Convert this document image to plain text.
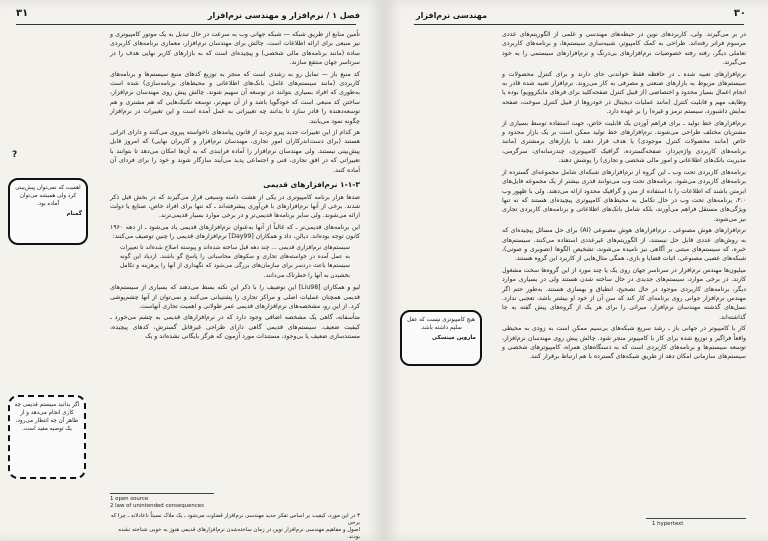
فصل ۱ / نرم‌افزار و مهندسی نرم‌افزار
۳۱

تأمین منابع از طریق شبکه — شبکه جهانی وب به سرعت در حال تبدیل به یک موتور کامپیوتری و نیز منبعی برای ارائه اطلاعات است. چالش برای مهندسان نرم‌افزار، معماری برنامه‌های کاربردی ساده (مانند برنامه‌های مالی شخصی) و پیچیده‌ای است که به بازارهای کاربر نهایی هدف را در سرتاسر جهان منتفع سازند.

کد منبع باز — تمایل رو به رشدی است که منجر به توزیع کدهای منبع سیستم‌ها و برنامه‌های کاربردی (مانند سیستم‌های عامل، بانک‌های اطلاعاتی و محیط‌های برنامه‌سازی) شده است به‌طوری که افراد بسیاری بتوانند در توسعه آن سهیم شوند. چالش پیش روی مهندسان نرم‌افزار، ساختن کد منبعی است که خودگویا باشد و از آن مهم‌تر، توسعه تکنیک‌هایی که هم مشتری و هم توسعه‌دهنده را قادر سازد تا بدانند چه تغییراتی به عمل آمده است و این تغییرات در نرم‌افزار چگونه نمود می‌یابند.

هر کدام از این تغییرات جدید پیرو تردید از قانون پیامدهای ناخواسته پیروی می‌کنند و دارای اثراتی هستند (برای دست‌اندرکاران امور تجاری، مهندسان نرم‌افزار و کاربران نهایی) که امروز قابل پیش‌بینی نیستند. ولی مهندسان نرم‌افزار را آماده فرایندی که به آن‌ها امکان می‌دهد تا بتوانند با تغییراتی که در افق تجاری، فنی و اجتماعی پدید می‌آیند سازگار شوند و خود را برای فردای آن آماده کنند.

۱-۱-۳ نرم‌افزارهای قدیمی

صدها هزار برنامه کامپیوتری در یکی از هشت دامنه وسیعی قرار می‌گیرند که در بخش قبل ذکر شدند. برخی از آنها نرم‌افزارهای با فن‌آوری پیشرفته‌اند ـ که تنها برای افراد خاص، صنایع یا دولت ارائه می‌شوند. ولی سایر برنامه‌ها قدیمی‌تر و در برخی موارد بسیار قدیمی‌ترند.

این برنامه‌های قدیمی‌تر ـ که غالباً از آنها به‌عنوان نرم‌افزارهای قدیمی یاد می‌شود ـ از دهه ۱۹۶۰ کانون توجه بوده‌اند. دیالن، داد و همکاران [Day99] نرم‌افزارهای قدیمی را چنین توصیف می‌کنند:

سیستم‌های نرم‌افزاری قدیمی ... چند دهه قبل ساخته شده‌اند و پیوسته اصلاح شده‌اند تا تغییرات به عمل آمده در خواسته‌های تجاری و سکوهای محاسباتی را پاسخ گو باشند. ازدیاد این گونه سیستم‌ها باعث دردسر برای سازمان‌های بزرگی می‌شود که نگهداری از آنها را پرهزینه و تکامل بخشیدن به آنها را خطرناک می‌دانند.

لیو و همکاران [Liu98] این توصیف را با ذکر این نکته بسط می‌دهند که بسیاری از سیستم‌های قدیمی همچنان عملیات اصلی و مراکز تجاری را پشتیبانی می‌کنند و نمی‌توان از آنها چشم‌پوشی کرد. از این رو، مشخصه‌های نرم‌افزارهای قدیمی عمر طولانی و اهمیت تجاری آنهاست.

متأسفانه، گاهی یک مشخصه اضافی وجود دارد که در نرم‌افزارهای قدیمی به چشم می‌خورد ـ کیفیت ضعیف. سیستم‌های قدیمی گاهی دارای طراحی غیرقابل گسترش، کدهای پیچیده، مستندسازی ضعیف یا بی‌وجود، مستندات مورد آزمون که هرگز بایگانی نشده‌اند و یک

1 open source
2 law of unintended consequences
۳ در این مورد، کیفیت بر اساس تفکر جدید مهندسی نرم‌افزار قضاوت می‌شود ـ یک ملاک نسبتاً ناعادلانه ـ چرا که برخی
اصول و مفاهیم مهندسی نرم‌افزار نوین در زمان ساخته‌شدن نرم‌افزارهای قدیمی هنوز به خوبی شناخته نشده بودند.
?
اهمیت که نمی‌توان پیش‌بینی کرد ولی همیشه می‌توان آماده بود.
گمنام
اگر بدانید سیستم قدیمی چه کاری انجام می‌دهد و از ظاهر آن چه انتظار می‌رود، یک توصیه مفید است.
۳۰
مهندسی نرم‌افزار

در بر می‌گیرند. ولی، کاربردهای نوین در حیطه‌های مهندسی و علمی از الگوریتم‌های عددی مرسوم فراتر رفته‌اند. طراحی به کمک کامپیوتر، شبیه‌سازی سیستم‌ها، و برنامه‌های کاربردی تعاملی دیگر، رفته رفته خصوصیات نرم‌افزارهای بی‌درنگ و نرم‌افزارهای سیستمی را به خود می‌گیرند.

نرم‌افزارهای تعبیه شده ـ در حافظه فقط خواندنی جای دارند و برای کنترل محصولات و سیستم‌های مربوط به بازارهای صنعتی و مصرفی به کار می‌روند. نرم‌افزار تعبیه شده قادر به انجام اعمال بسیار محدود و اختصاصی (از قبیل کنترل صفحه‌کلید برای فرهای مایکروویو) بوده یا وظایف مهم و قابلیت کنترل (مانند عملیات دیجیتال در خودروها از قبیل کنترل سوخت، صفحه نمایش داشبورد، سیستم ترمز و غیره) را بر عهده دارد.

نرم‌افزارهای خط تولید ـ برای فراهم آوردن یک قابلیت خاص، جهت استفاده توسط بسیاری از مشتریان مختلف طراحی می‌شوند. نرم‌افزارهای خط تولید ممکن است بر یک بازار محدود و خاص (مانند محصولات کنترل موجودی) یا هدف قرار دهند یا بازارهای برمشتری (مانند برنامه‌های کاربردی واژه‌پرداز، صفحه‌گسترده، گرافیک کامپیوتری، چندرسانه‌ای، سرگرمی، مدیریت بانک‌های اطلاعاتی و امور مالی شخصی و تجاری) را پوشش دهند.

برنامه‌های کاربردی تحت وب ـ این گروه از نرم‌افزارهای شبکه‌ای شامل مجموعه‌ای گسترده از برنامه‌های کاربردی می‌شود. برنامه‌های تحت وب می‌توانند قدری بیشتر از یک مجموعه فایل‌های ابرمتن باشند که اطلاعات را با استفاده از متن و گرافیک محدود ارائه می‌دهند. ولی با ظهور وب ۲.۰، برنامه‌های تحت وب در حال تکامل به محیط‌های کامپیوتری پیچیده‌ای هستند که نه تنها ویژگی‌های مستقل فراهم می‌آورند، بلکه شامل بانک‌های اطلاعاتی و برنامه‌های کاربردی تجاری نیز می‌شوند.

نرم‌افزارهای هوش مصنوعی ـ نرم‌افزارهای هوش مصنوعی (AI) برای حل مسائل پیچیده‌ای که به روش‌های عددی قابل حل نیستند، از الگوریتم‌های غیرعددی استفاده می‌کنند. سیستم‌های خبره، که سیستم‌های مبتنی بر آگاهی نیز نامیده می‌شوند، تشخیص الگوها (تصویری و صوتی)، شبکه‌های عصبی مصنوعی، اثبات قضایا و بازی، همگی مثال‌هایی از کاربرد این گروه هستند.

میلیون‌ها مهندس نرم‌افزار در سرتاسر جهان روی یک یا چند مورد از این گروه‌ها سخت مشغول کارند. در برخی موارد، سیستم‌های جدیدی در حال ساخته شدن هستند ولی در بسیاری موارد دیگر، برنامه‌های کاربردی موجود در حال تصحیح، انطباق و بهسازی هستند. به‌طور حتم اگر مهندس نرم‌افزار جوانی روی برنامه‌ای کار کند که سن آن از خود او بیشتر باشد، تعجبی ندارد. نسل‌های گذشته مهندسان نرم‌افزار، میراثی را برای هر یک از گروه‌های پیش گفته به جا گذاشته‌اند.

کار با کامپیوتر در جهانی باز ـ رشد سریع شبکه‌های بی‌سیم ممکن است به زودی به محیطی واقعاً فراگیر و توزیع شده برای کار با کامپیوتر منجر شود. چالش پیش روی مهندسان نرم‌افزار، توسعه سیستم‌ها و برنامه‌های کاربردی است که به دستگاه‌های همراه، کامپیوترهای شخصی و سیستم‌های سازمانی امکان دهد از طریق شبکه‌های گسترده با هم ارتباط برقرار کنند.

1 hypertext
هیچ کامپیوتری نیست که عقل سلیم داشته باشد.
ماروین مینسکی
